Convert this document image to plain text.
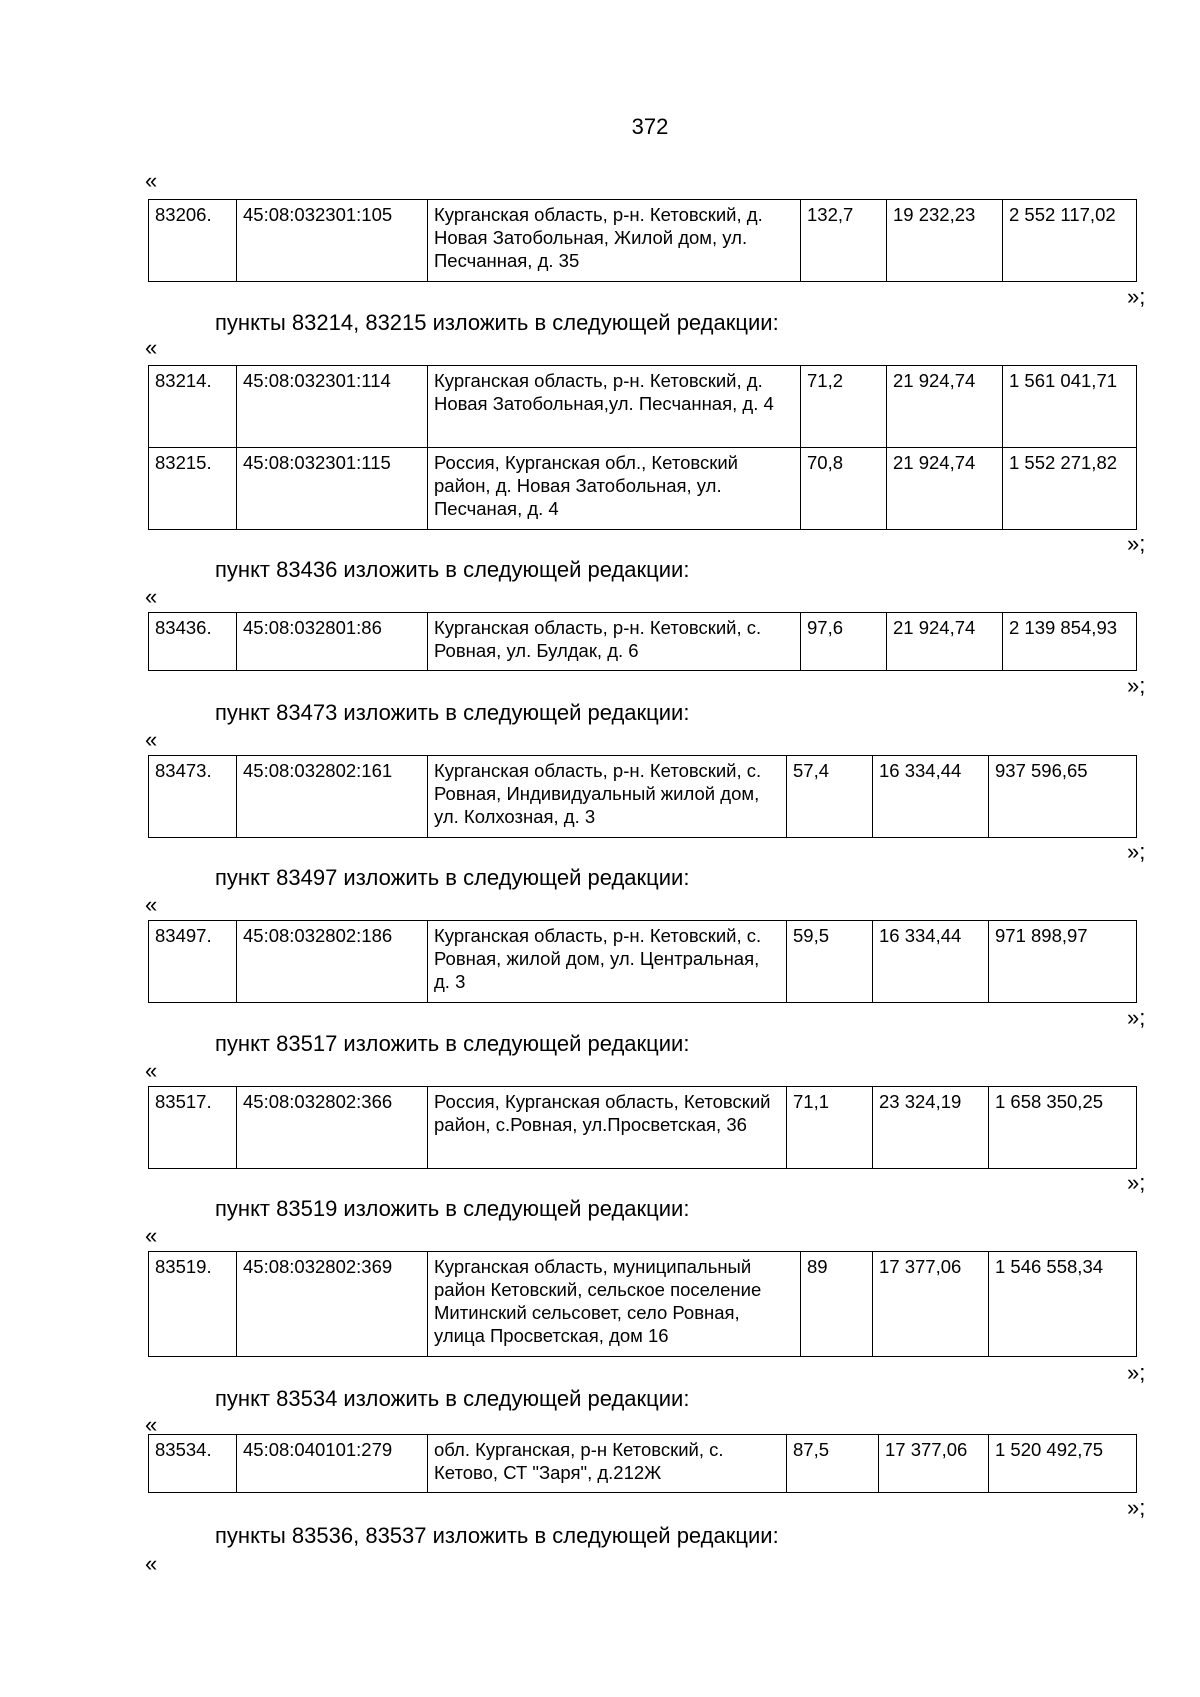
372
«
83206.	45:08:032301:105	Курганская область, р-н. Кетовский, д. Новая Затобольная, Жилой дом, ул. Песчанная, д. 35	132,7	19 232,23	2 552 117,02
»;
пункты 83214, 83215 изложить в следующей редакции:
«
83214.	45:08:032301:114	Курганская область, р-н. Кетовский, д. Новая Затобольная,ул. Песчанная, д. 4	71,2	21 924,74	1 561 041,71
83215.	45:08:032301:115	Россия, Курганская обл., Кетовский район, д. Новая Затобольная, ул. Песчаная, д. 4	70,8	21 924,74	1 552 271,82
»;
пункт 83436 изложить в следующей редакции:
«
83436.	45:08:032801:86	Курганская область, р-н. Кетовский, с. Ровная, ул. Булдак, д. 6	97,6	21 924,74	2 139 854,93
»;
пункт 83473 изложить в следующей редакции:
«
83473.	45:08:032802:161	Курганская область, р-н. Кетовский, с. Ровная, Индивидуальный жилой дом, ул. Колхозная, д. 3	57,4	16 334,44	937 596,65
»;
пункт 83497 изложить в следующей редакции:
«
83497.	45:08:032802:186	Курганская область, р-н. Кетовский, с. Ровная, жилой дом, ул. Центральная, д. 3	59,5	16 334,44	971 898,97
»;
пункт 83517 изложить в следующей редакции:
«
83517.	45:08:032802:366	Россия, Курганская область, Кетовский район, с.Ровная, ул.Просветская, 36	71,1	23 324,19	1 658 350,25
»;
пункт 83519 изложить в следующей редакции:
«
83519.	45:08:032802:369	Курганская область, муниципальный район Кетовский, сельское поселение Митинский сельсовет, село Ровная, улица Просветская, дом 16	89	17 377,06	1 546 558,34
»;
пункт 83534 изложить в следующей редакции:
«
83534.	45:08:040101:279	обл. Курганская, р-н Кетовский, с. Кетово, СТ "Заря", д.212Ж	87,5	17 377,06	1 520 492,75
»;
пункты 83536, 83537 изложить в следующей редакции:
«
